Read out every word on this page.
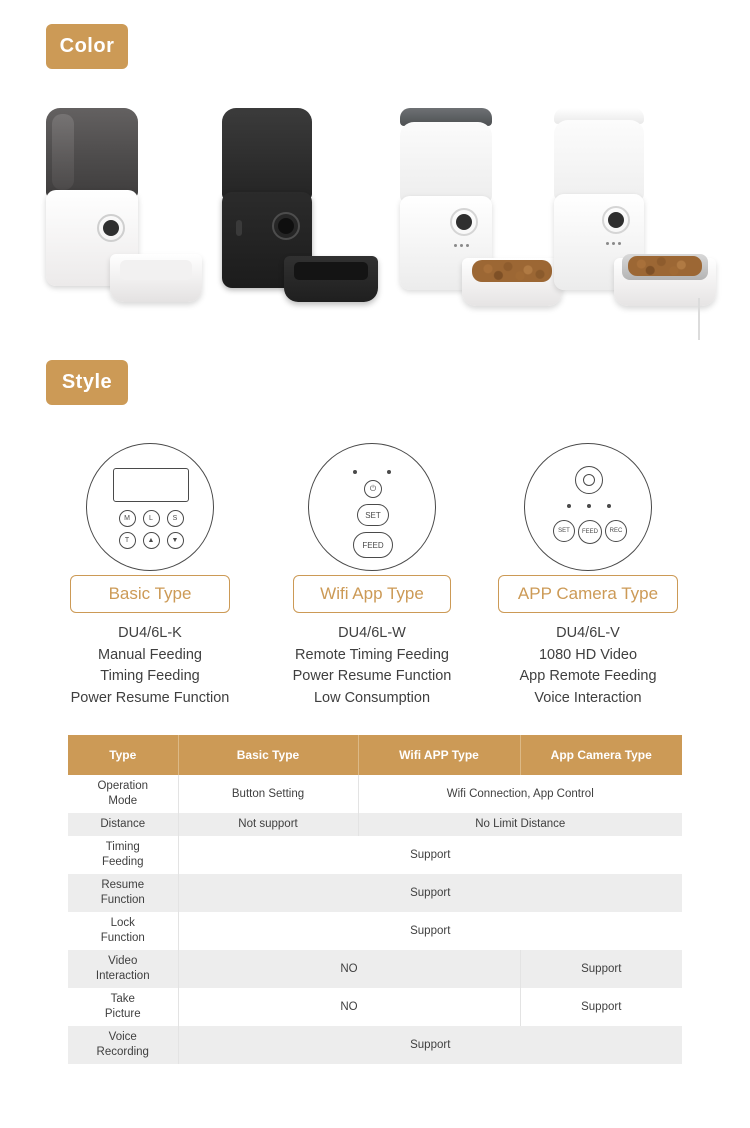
Color
Style
M	L	S
T	▲	▼
Basic Type
DU4/6L-K
Manual Feeding
Timing Feeding
Power Resume Function
⏻
SET
FEED
Wifi App Type
DU4/6L-W
Remote Timing Feeding
Power Resume Function
Low Consumption
SET FEED REC
APP Camera Type
DU4/6L-V
1080 HD Video
App Remote Feeding
Voice Interaction
Type	Basic Type	Wifi APP Type	App Camera Type
Operation
Mode	Button Setting	Wifi Connection, App Control	
Distance	Not support	No Limit Distance	
Timing
Feeding	Support		
Resume
Function	Support		
Lock
Function	Support		
Video
Interaction	NO		Support
Take
Picture	NO		Support
Voice
Recording	Support		
